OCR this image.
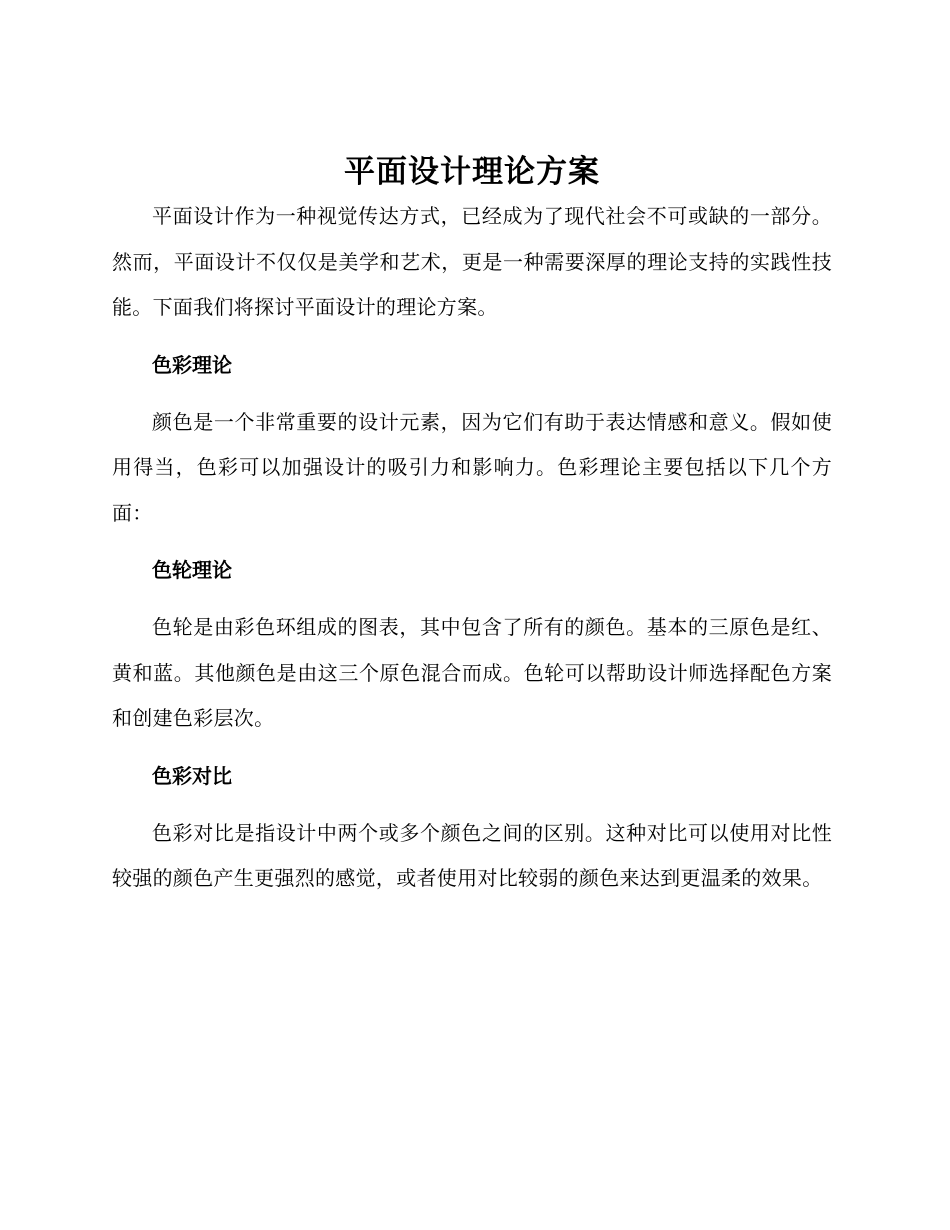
平面设计理论方案

平面设计作为一种视觉传达方式，已经成为了现代社会不可或缺的一部分。然而，平面设计不仅仅是美学和艺术，更是一种需要深厚的理论支持的实践性技能。下面我们将探讨平面设计的理论方案。

色彩理论

颜色是一个非常重要的设计元素，因为它们有助于表达情感和意义。假如使用得当，色彩可以加强设计的吸引力和影响力。色彩理论主要包括以下几个方面：

色轮理论

色轮是由彩色环组成的图表，其中包含了所有的颜色。基本的三原色是红、黄和蓝。其他颜色是由这三个原色混合而成。色轮可以帮助设计师选择配色方案和创建色彩层次。

色彩对比

色彩对比是指设计中两个或多个颜色之间的区别。这种对比可以使用对比性较强的颜色产生更强烈的感觉，或者使用对比较弱的颜色来达到更温柔的效果。
